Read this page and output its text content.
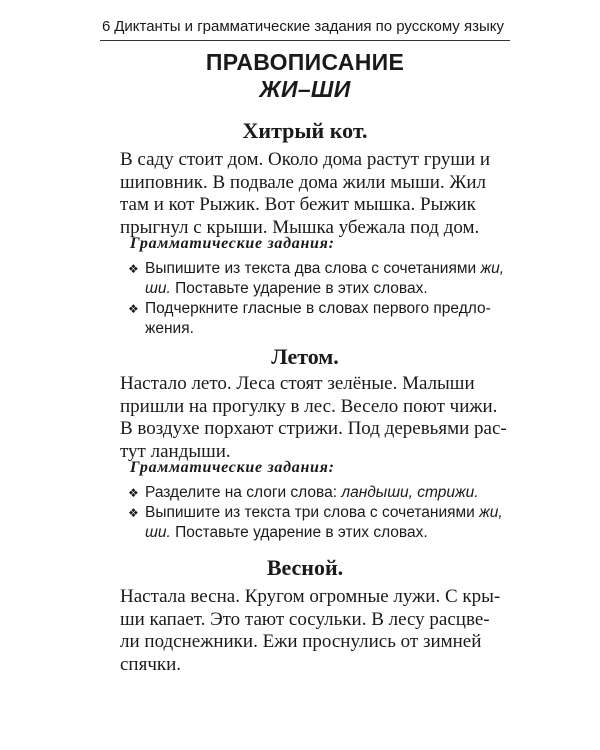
6 Диктанты и грамматические задания по русскому языку
ПРАВОПИСАНИЕ
ЖИ–ШИ
Хитрый кот.

В саду стоит дом. Около дома растут груши и

шиповник. В подвале дома жили мыши. Жил

там и кот Рыжик. Вот бежит мышка. Рыжик

прыгнул с крыши. Мышка убежала под дом.

Грамматические задания:
❖ Выпишите из текста два слова с сочетаниями жи,
ши. Поставьте ударение в этих словах.
❖ Подчеркните гласные в словах первого предло-
жения.
Летом.

Настало лето. Леса стоят зелёные. Малыши

пришли на прогулку в лес. Весело поют чижи.

В воздухе порхают стрижи. Под деревьями рас-

тут ландыши.

Грамматические задания:
❖ Разделите на слоги слова: ландыши, стрижи.
❖ Выпишите из текста три слова с сочетаниями жи,
ши. Поставьте ударение в этих словах.
Весной.

Настала весна. Кругом огромные лужи. С кры-

ши капает. Это тают сосульки. В лесу расцве-

ли подснежники. Ежи проснулись от зимней

спячки.
